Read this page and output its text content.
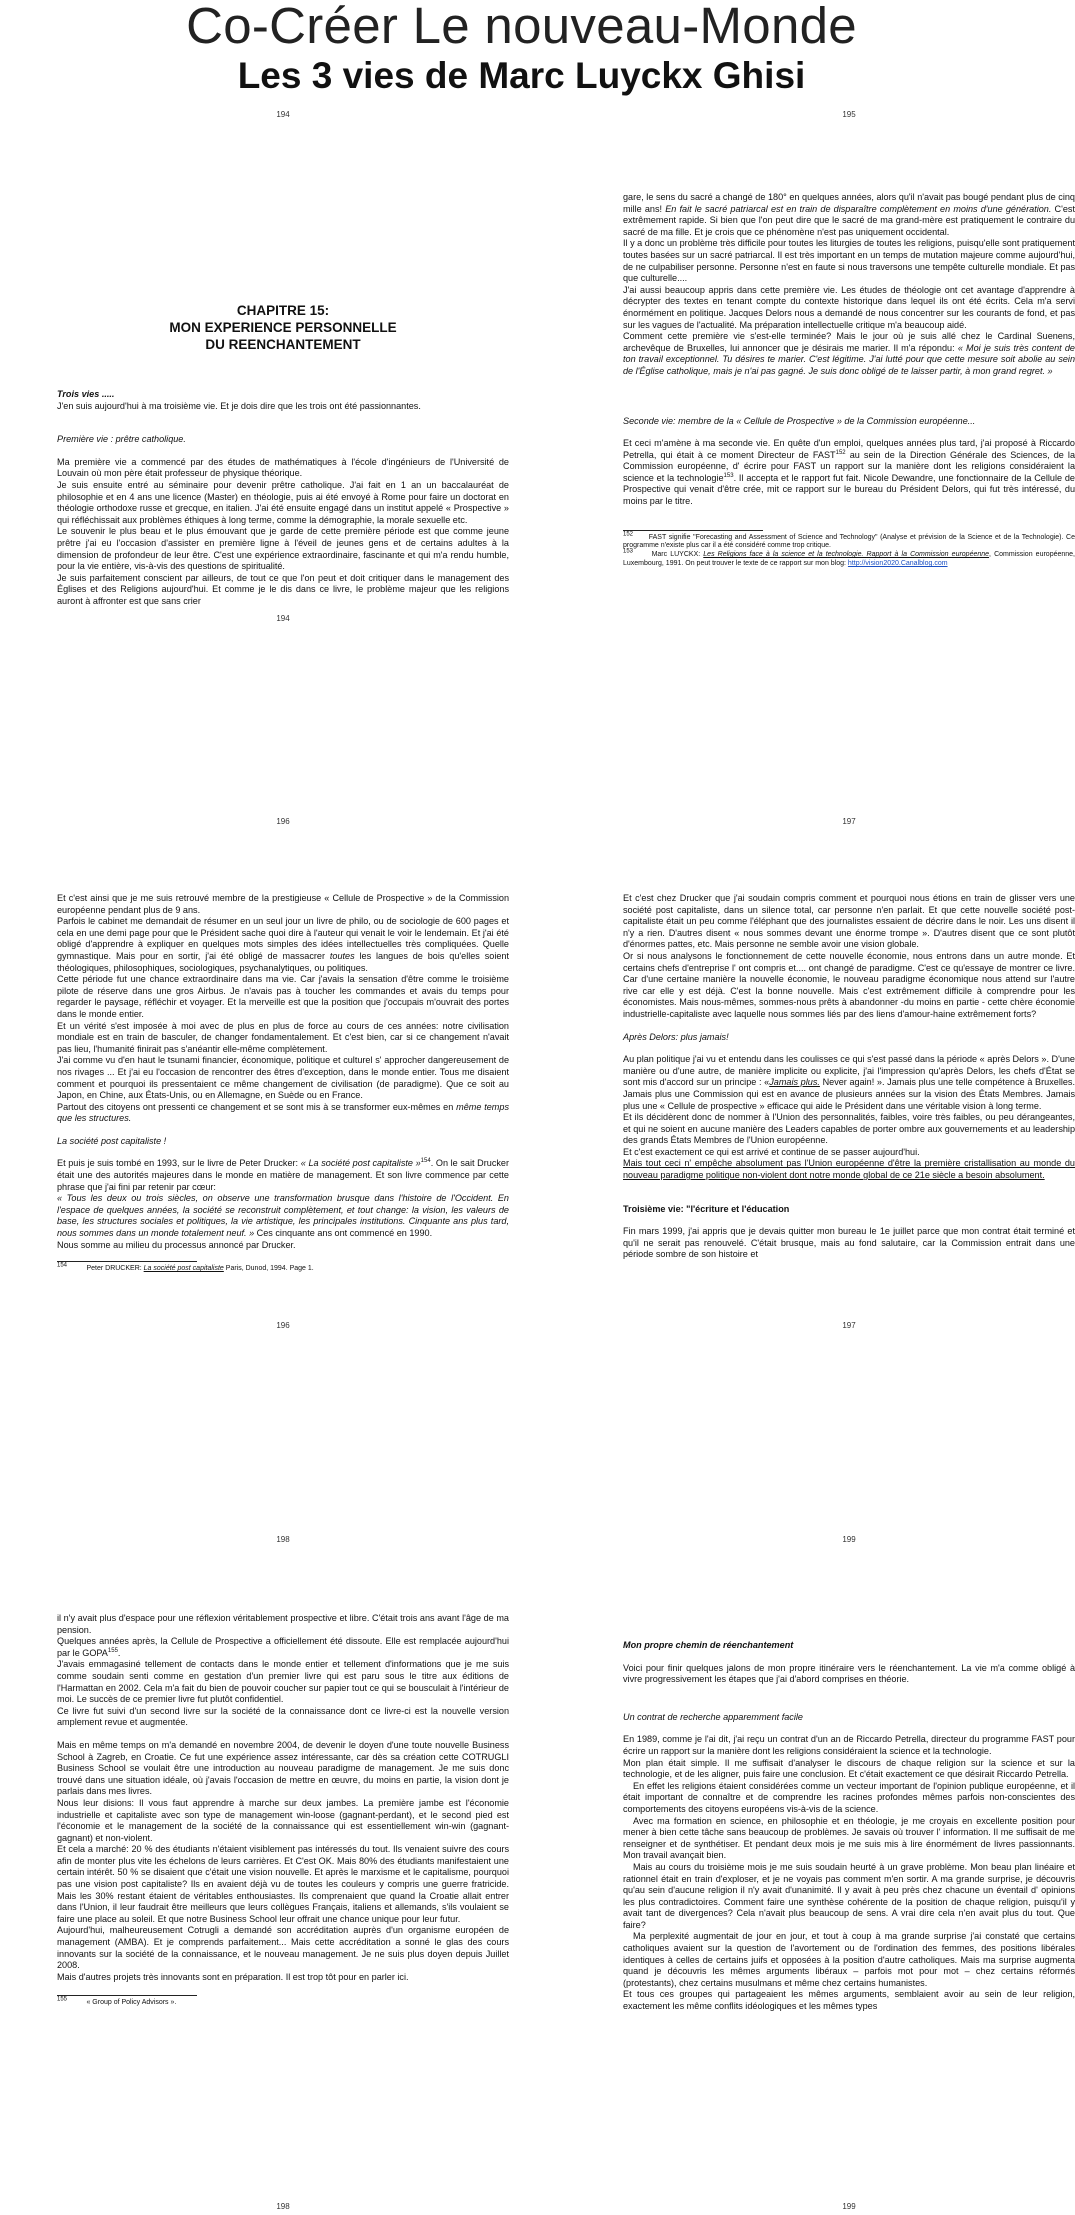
Co-Créer Le nouveau-Monde
Les 3 vies de Marc Luyckx Ghisi
194

CHAPITRE 15:

MON EXPERIENCE PERSONNELLE

DU REENCHANTEMENT

Trois vies .....

J'en suis aujourd'hui à ma troisième vie. Et je dois dire que les trois ont été passionnantes.

Première vie : prêtre catholique.

Ma première vie a commencé par des études de mathématiques à l'école d'ingénieurs de l'Université de Louvain où mon père était professeur de physique théorique.

Je suis ensuite entré au séminaire pour devenir prêtre catholique. J'ai fait en 1 an un baccalauréat de philosophie et en 4 ans une licence (Master) en théologie, puis ai été envoyé à Rome pour faire un doctorat en théologie orthodoxe russe et grecque, en italien. J'ai été ensuite engagé dans un institut appelé « Prospective » qui réfléchissait aux problèmes éthiques à long terme, comme la démographie, la morale sexuelle etc.

Le souvenir le plus beau et le plus émouvant que je garde de cette première période est que comme jeune prêtre j'ai eu l'occasion d'assister en première ligne à l'éveil de jeunes gens et de certains adultes à la dimension de profondeur de leur être. C'est une expérience extraordinaire, fascinante et qui m'a rendu humble, pour la vie entière, vis-à-vis des questions de spiritualité.

Je suis parfaitement conscient par ailleurs, de tout ce que l'on peut et doit critiquer dans le management des Églises et des Religions aujourd'hui. Et comme je le dis dans ce livre, le problème majeur que les religions auront à affronter est que sans crier

194
195

gare, le sens du sacré a changé de 180° en quelques années, alors qu'il n'avait pas bougé pendant plus de cinq mille ans! En fait le sacré patriarcal est en train de disparaître complètement en moins d'une génération. C'est extrêmement rapide. Si bien que l'on peut dire que le sacré de ma grand-mère est pratiquement le contraire du sacré de ma fille. Et je crois que ce phénomène n'est pas uniquement occidental.

Il y a donc un problème très difficile pour toutes les liturgies de toutes les religions, puisqu'elle sont pratiquement toutes basées sur un sacré patriarcal. Il est très important en un temps de mutation majeure comme aujourd'hui, de ne culpabiliser personne. Personne n'est en faute si nous traversons une tempête culturelle mondiale. Et pas que culturelle....

J'ai aussi beaucoup appris dans cette première vie. Les études de théologie ont cet avantage d'apprendre à décrypter des textes en tenant compte du contexte historique dans lequel ils ont été écrits. Cela m'a servi énormément en politique. Jacques Delors nous a demandé de nous concentrer sur les courants de fond, et pas sur les vagues de l'actualité. Ma préparation intellectuelle critique m'a beaucoup aidé.

Comment cette première vie s'est-elle terminée? Mais le jour où je suis allé chez le Cardinal Suenens, archevêque de Bruxelles, lui annoncer que je désirais me marier. Il m'a répondu: « Moi je suis très content de ton travail exceptionnel. Tu désires te marier. C'est légitime. J'ai lutté pour que cette mesure soit abolie au sein de l'Église catholique, mais je n'ai pas gagné. Je suis donc obligé de te laisser partir, à mon grand regret. »

Seconde vie: membre de la « Cellule de Prospective » de la Commission européenne...

Et ceci m'amène à ma seconde vie. En quête d'un emploi, quelques années plus tard, j'ai proposé à Riccardo Petrella, qui était à ce moment Directeur de FAST$^{152}$ au sein de la Direction Générale des Sciences, de la Commission européenne, d' écrire pour FAST un rapport sur la manière dont les religions considéraient la science et la technologie$^{153}$. Il accepta et le rapport fut fait. Nicole Dewandre, une fonctionnaire de la Cellule de Prospective qui venait d'être crée, mit ce rapport sur le bureau du Président Delors, qui fut très intéressé, du moins par le titre.

152 FAST signifie "Forecasting and Assessment of Science and Technology" (Analyse et prévision de la Science et de la Technologie). Ce programme n'existe plus car il a été considéré comme trop critique.

153	Marc LUYCKX: Les Religions face à la science et la technologie. Rapport à la Commission européenne, Commission européenne, Luxembourg, 1991. On peut trouver le texte de ce rapport sur mon blog: http://vision2020.Canalblog.com

196

Et c'est ainsi que je me suis retrouvé membre de la prestigieuse « Cellule de Prospective » de la Commission européenne pendant plus de 9 ans.

Parfois le cabinet me demandait de résumer en un seul jour un livre de philo, ou de sociologie de 600 pages et cela en une demi page pour que le Président sache quoi dire à l'auteur qui venait le voir le lendemain. Et j'ai été obligé d'apprendre à expliquer en quelques mots simples des idées intellectuelles très compliquées. Quelle gymnastique. Mais pour en sortir, j'ai été obligé de massacrer toutes les langues de bois qu'elles soient théologiques, philosophiques, sociologiques, psychanalytiques, ou politiques.

Cette période fut une chance extraordinaire dans ma vie. Car j'avais la sensation d'être comme le troisième pilote de réserve dans une gros Airbus. Je n'avais pas à toucher les commandes et avais du temps pour regarder le paysage, réfléchir et voyager. Et la merveille est que la position que j'occupais m'ouvrait des portes dans le monde entier.

Et un vérité s'est imposée à moi avec de plus en plus de force au cours de ces années: notre civilisation mondiale est en train de basculer, de changer fondamentalement. Et c'est bien, car si ce changement n'avait pas lieu, l'humanité finirait pas s'anéantir elle-même complètement.

J'ai comme vu d'en haut le tsunami financier, économique, politique et culturel s' approcher dangereusement de nos rivages ... Et j'ai eu l'occasion de rencontrer des êtres d'exception, dans le monde entier. Tous me disaient comment et pourquoi ils pressentaient ce même changement de civilisation (de paradigme). Que ce soit au Japon, en Chine, aux États-Unis, ou en Allemagne, en Suède ou en France.

Partout des citoyens ont pressenti ce changement et se sont mis à se transformer eux-mêmes en même temps que les structures.

La société post capitaliste !

Et puis je suis tombé en 1993, sur le livre de Peter Drucker: « La société post capitaliste »$^{154}$. On le sait Drucker était une des autorités majeures dans le monde en matière de management. Et son livre commence par cette phrase que j'ai fini par retenir par cœur:

« Tous les deux ou trois siècles, on observe une transformation brusque dans l'histoire de l'Occident. En l'espace de quelques années, la société se reconstruit complètement, et tout change: la vision, les valeurs de base, les structures sociales et politiques, la vie artistique, les principales institutions. Cinquante ans plus tard, nous sommes dans un monde totalement neuf. » Ces cinquante ans ont commencé en 1990.

Nous somme au milieu du processus annoncé par Drucker.

154	Peter DRUCKER: La société post capitaliste Paris, Dunod, 1994. Page 1.

196
197

Et c'est chez Drucker que j'ai soudain compris comment et pourquoi nous étions en train de glisser vers une société post capitaliste, dans un silence total, car personne n'en parlait. Et que cette nouvelle société post-capitaliste était un peu comme l'éléphant que des journalistes essaient de décrire dans le noir. Les uns disent il n'y a rien. D'autres disent « nous sommes devant une énorme trompe ». D'autres disent que ce sont plutôt d'énormes pattes, etc. Mais personne ne semble avoir une vision globale.

Or si nous analysons le fonctionnement de cette nouvelle économie, nous entrons dans un autre monde. Et certains chefs d'entreprise l' ont compris et.... ont changé de paradigme. C'est ce qu'essaye de montrer ce livre. Car d'une certaine manière la nouvelle économie, le nouveau paradigme économique nous attend sur l'autre rive car elle y est déjà. C'est la bonne nouvelle. Mais c'est extrêmement difficile à comprendre pour les économistes. Mais nous-mêmes, sommes-nous prêts à abandonner -du moins en partie - cette chère économie industrielle-capitaliste avec laquelle nous sommes liés par des liens d'amour-haine extrêmement forts?

Après Delors: plus jamais!

Au plan politique j'ai vu et entendu dans les coulisses ce qui s'est passé dans la période « après Delors ». D'une manière ou d'une autre, de manière implicite ou explicite, j'ai l'impression qu'après Delors, les chefs d'État se sont mis d'accord sur un principe : «Jamais plus. Never again! ». Jamais plus une telle compétence à Bruxelles. Jamais plus une Commission qui est en avance de plusieurs années sur la vision des États Membres. Jamais plus une « Cellule de prospective » efficace qui aide le Président dans une véritable vision à long terme.

Et ils décidèrent donc de nommer à l'Union des personnalités, faibles, voire très faibles, ou peu dérangeantes, et qui ne soient en aucune manière des Leaders capables de porter ombre aux gouvernements et au leadership des grands États Membres de l'Union européenne.

Et c'est exactement ce qui est arrivé et continue de se passer aujourd'hui.

Mais tout ceci n' empêche absolument pas l'Union européenne d'être la première cristallisation au monde du nouveau paradigme politique non-violent dont notre monde global de ce 21e siècle a besoin absolument.

Troisième vie: "l'écriture et l'éducation

Fin mars 1999, j'ai appris que je devais quitter mon bureau le 1e juillet parce que mon contrat était terminé et qu'il ne serait pas renouvelé. C'était brusque, mais au fond salutaire, car la Commission entrait dans une période sombre de son histoire et

197
198

il n'y avait plus d'espace pour une réflexion véritablement prospective et libre. C'était trois ans avant l'âge de ma pension.

Quelques années après, la Cellule de Prospective a officiellement été dissoute. Elle est remplacée aujourd'hui par le GOPA$^{155}$.

J'avais emmagasiné tellement de contacts dans le monde entier et tellement d'informations que je me suis comme soudain senti comme en gestation d'un premier livre qui est paru sous le titre aux éditions de l'Harmattan en 2002. Cela m'a fait du bien de pouvoir coucher sur papier tout ce qui se bousculait à l'intérieur de moi. Le succès de ce premier livre fut plutôt confidentiel.

Ce livre fut suivi d'un second livre sur la société de la connaissance dont ce livre-ci est la nouvelle version amplement revue et augmentée.

Mais en même temps on m'a demandé en novembre 2004, de devenir le doyen d'une toute nouvelle Business School à Zagreb, en Croatie. Ce fut une expérience assez intéressante, car dès sa création cette COTRUGLI Business School se voulait être une introduction au nouveau paradigme de management. Je me suis donc trouvé dans une situation idéale, où j'avais l'occasion de mettre en œuvre, du moins en partie, la vision dont je parlais dans mes livres.

Nous leur disions: Il vous faut apprendre à marche sur deux jambes. La première jambe est l'économie industrielle et capitaliste avec son type de management win-loose (gagnant-perdant), et le second pied est l'économie et le management de la société de la connaissance qui est essentiellement win-win (gagnant-gagnant) et non-violent.

Et cela a marché: 20 % des étudiants n'étaient visiblement pas intéressés du tout. Ils venaient suivre des cours afin de monter plus vite les échelons de leurs carrières. Et C'est OK. Mais 80% des étudiants manifestaient une certain intérêt. 50 % se disaient que c'était une vision nouvelle. Et après le marxisme et le capitalisme, pourquoi pas une vision post capitaliste? Ils en avaient déjà vu de toutes les couleurs y compris une guerre fratricide. Mais les 30% restant étaient de véritables enthousiastes. Ils comprenaient que quand la Croatie allait entrer dans l'Union, il leur faudrait être meilleurs que leurs collègues Français, italiens et allemands, s'ils voulaient se faire une place au soleil. Et que notre Business School leur offrait une chance unique pour leur futur.

Aujourd'hui, malheureusement Cotrugli a demandé son accréditation auprès d'un organisme européen de management (AMBA). Et je comprends parfaitement... Mais cette accréditation a sonné le glas des cours innovants sur la société de la connaissance, et le nouveau management. Je ne suis plus doyen depuis Juillet 2008.

Mais d'autres projets très innovants sont en préparation. Il est trop tôt pour en parler ici.

155	« Group of Policy Advisors ».

198
199

Mon propre chemin de réenchantement

Voici pour finir quelques jalons de mon propre itinéraire vers le réenchantement. La vie m'a comme obligé à vivre progressivement les étapes que j'ai d'abord comprises en théorie.

Un contrat de recherche apparemment facile

En 1989, comme je l'ai dit, j'ai reçu un contrat d'un an de Riccardo Petrella, directeur du programme FAST pour écrire un rapport sur la manière dont les religions considéraient la science et la technologie.

Mon plan était simple. Il me suffisait d'analyser le discours de chaque religion sur la science et sur la technologie, et de les aligner, puis faire une conclusion. Et c'était exactement ce que désirait Riccardo Petrella.

En effet les religions étaient considérées comme un vecteur important de l'opinion publique européenne, et il était important de connaître et de comprendre les racines profondes mêmes parfois non-conscientes des comportements des citoyens européens vis-à-vis de la science.

Avec ma formation en science, en philosophie et en théologie, je me croyais en excellente position pour mener à bien cette tâche sans beaucoup de problèmes. Je savais où trouver l' information. Il me suffisait de me renseigner et de synthétiser. Et pendant deux mois je me suis mis à lire énormément de livres passionnants. Mon travail avançait bien.

Mais au cours du troisième mois je me suis soudain heurté à un grave problème. Mon beau plan linéaire et rationnel était en train d'exploser, et je ne voyais pas comment m'en sortir. A ma grande surprise, je découvris qu'au sein d'aucune religion il n'y avait d'unanimité. Il y avait à peu près chez chacune un éventail d' opinions les plus contradictoires. Comment faire une synthèse cohérente de la position de chaque religion, puisqu'il y avait tant de divergences? Cela n'avait plus beaucoup de sens. A vrai dire cela n'en avait plus du tout. Que faire?

Ma perplexité augmentait de jour en jour, et tout à coup à ma grande surprise j'ai constaté que certains catholiques avaient sur la question de l'avortement ou de l'ordination des femmes, des positions libérales identiques à celles de certains juifs et opposées à la position d'autre catholiques. Mais ma surprise augmenta quand je découvris les mêmes arguments libéraux – parfois mot pour mot – chez certains réformés (protestants), chez certains musulmans et même chez certains humanistes.

Et tous ces groupes qui partageaient les mêmes arguments, semblaient avoir au sein de leur religion, exactement les même conflits idéologiques et les mêmes types

199
